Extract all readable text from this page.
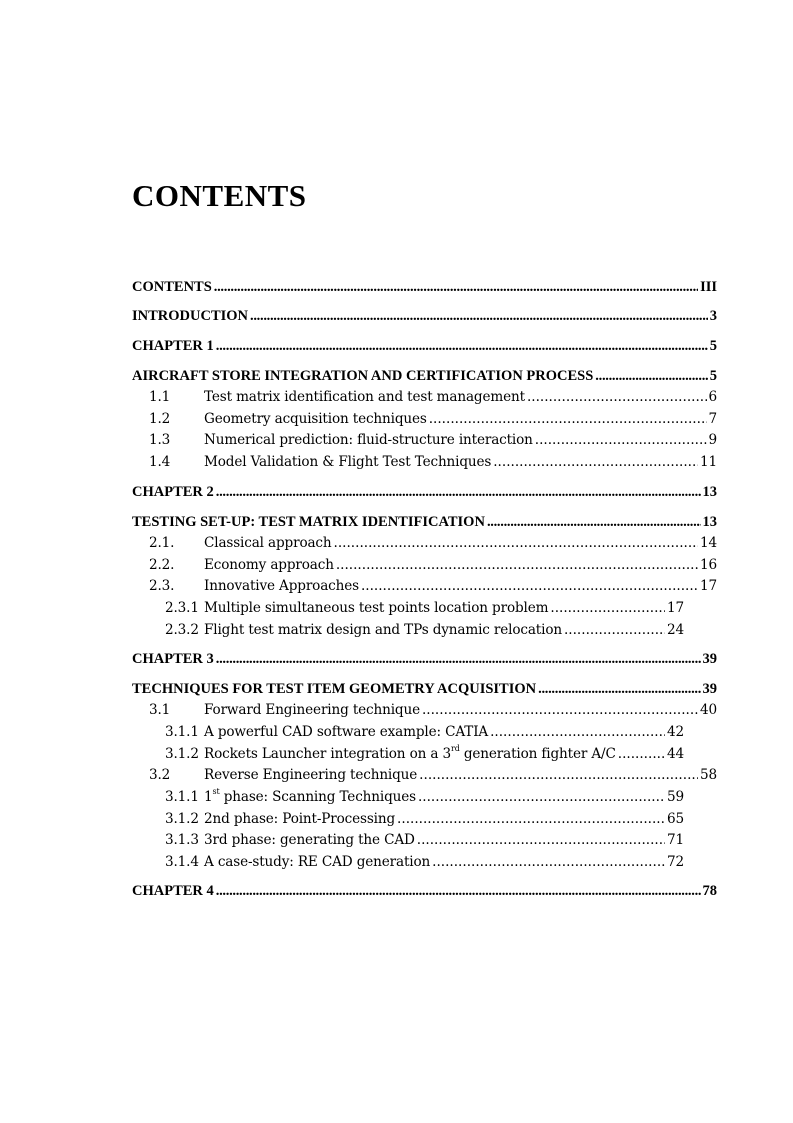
CONTENTS
CONTENTS .....	III
INTRODUCTION .....	3
CHAPTER 1 .....	5
AIRCRAFT STORE INTEGRATION AND CERTIFICATION PROCESS .....	5
1.1	Test matrix identification and test management .....	6
1.2	Geometry acquisition techniques .....	7
1.3	Numerical prediction: fluid-structure interaction .....	9
1.4	Model Validation & Flight Test Techniques .....	11
CHAPTER 2 .....	13
TESTING SET-UP: TEST MATRIX IDENTIFICATION .....	13
2.1.	Classical approach .....	14
2.2.	Economy approach .....	16
2.3.	Innovative Approaches .....	17
2.3.1 Multiple simultaneous test points location problem .....	17
2.3.2 Flight test matrix design and TPs dynamic relocation .....	24
CHAPTER 3 .....	39
TECHNIQUES FOR TEST ITEM GEOMETRY ACQUISITION .....	39
3.1	Forward Engineering technique .....	40
3.1.1 A powerful CAD software example: CATIA .....	42
3.1.2 Rockets Launcher integration on a 3rd generation fighter A/C .....	44
3.2	Reverse Engineering technique .....	58
3.1.1 1st phase: Scanning Techniques .....	59
3.1.2 2nd phase: Point-Processing .....	65
3.1.3 3rd phase: generating the CAD .....	71
3.1.4 A case-study: RE CAD generation .....	72
CHAPTER 4 .....	78
